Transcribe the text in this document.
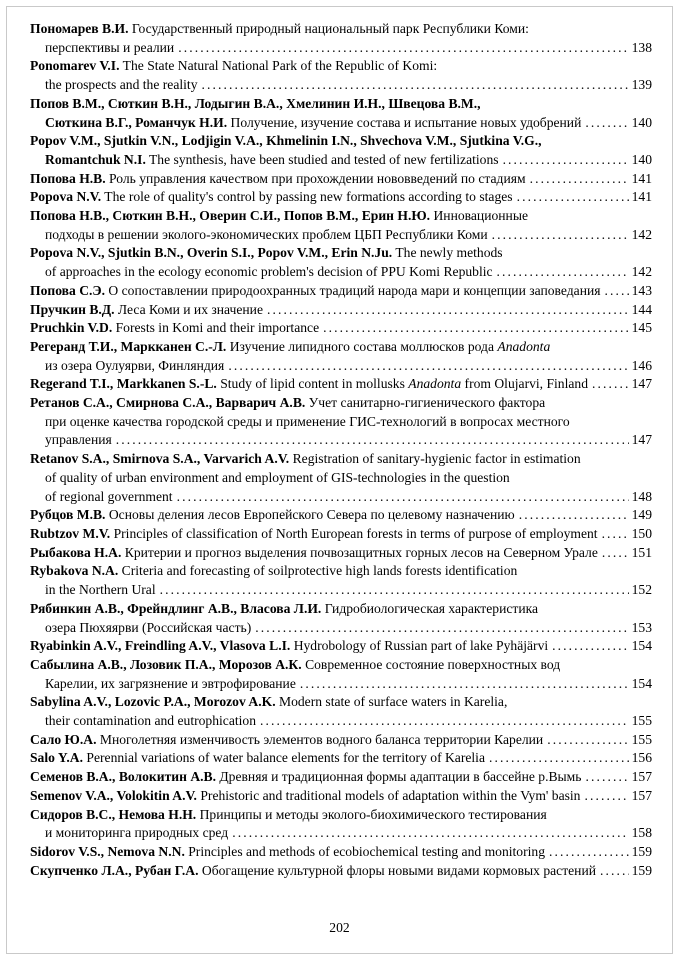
Пономарев В.И. Государственный природный национальный парк Республики Коми:
перспективы и реалии .....	138
Ponomarev V.I. The State Natural National Park of the Republic of Komi:
the prospects and the reality .....	139
Попов В.М., Сюткин В.Н., Лодыгин В.А., Хмелинин И.Н., Швецова В.М.,
Сюткина В.Г., Романчук Н.И. Получение, изучение состава и испытание новых удобрений .....	140
Popov V.M., Sjutkin V.N., Lodjigin V.A., Khmelinin I.N., Shvechova V.M., Sjutkina V.G.,
Romantchuk N.I. The synthesis, have been studied and tested of new fertilizations .....	140
Попова Н.В. Роль управления качеством при прохождении нововведений по стадиям .....	141
Popova N.V. The role of quality's control by passing new formations according to stages .....	141
Попова Н.В., Сюткин В.Н., Оверин С.И., Попов В.М., Ерин Н.Ю. Инновационные
подходы в решении эколого-экономических проблем ЦБП Республики Коми .....	142
Popova N.V., Sjutkin B.N., Overin S.I., Popov V.M., Erin N.Ju. The newly methods
of approaches in the ecology economic problem's decision of PPU Komi Republic .....	142
Попова С.Э. О сопоставлении природоохранных традиций народа мари и концепции заповедания ..... 143
Пручкин В.Д. Леса Коми и их значение .....	144
Pruchkin V.D. Forests in Komi and their importance .....	145
Регеранд Т.И., Маркканен С.-Л. Изучение липидного состава моллюсков рода Anadonta
из озера Оулуярви, Финляндия .....	146
Regerand T.I., Markkanen S.-L. Study of lipid content in mollusks Anadonta from Olujarvi, Finland .....	147
Ретанов С.А., Смирнова С.А., Варварич А.В. Учет санитарно-гигиенического фактора
при оценке качества городской среды и применение ГИС-технологий в вопросах местного
управления .....	147
Retanov S.A., Smirnova S.A., Varvarich A.V. Registration of sanitary-hygienic factor in estimation
of quality of urban environment and employment of GIS-technologies in the question
of regional government .....	148
Рубцов М.В. Основы деления лесов Европейского Севера по целевому назначению .....	149
Rubtzov M.V. Principles of classification of North European forests in terms of purpose of employment .....	150
Рыбакова Н.А. Критерии и прогноз выделения почвозащитных горных лесов на Северном Урале ..... 151
Rybakova N.A. Criteria and forecasting of soilprotective high lands forests identification
in the Northern Ural .....	152
Рябинкин А.В., Фрейндлинг А.В., Власова Л.И. Гидробиологическая характеристика
озера Пюхяярви (Российская часть) .....	153
Ryabinkin A.V., Freindling A.V., Vlasova L.I. Hydrobology of Russian part of lake Pyhäjärvi .....	154
Сабылина А.В., Лозовик П.А., Морозов А.К. Современное состояние поверхностных вод
Карелии, их загрязнение и эвтрофирование .....	154
Sabylina A.V., Lozovic P.A., Morozov A.K. Modern state of surface waters in Karelia,
their contamination and eutrophication .....	155
Сало Ю.А. Многолетняя изменчивость элементов водного баланса территории Карелии .....	155
Salo Y.A. Perennial variations of water balance elements for the territory of Karelia .....	156
Семенов В.А., Волокитин А.В. Древняя и традиционная формы адаптации в бассейне р.Вымь .....	157
Semenov V.A., Volokitin A.V. Prehistoric and traditional models of adaptation within the Vym' basin .....	157
Сидоров В.С., Немова Н.Н. Принципы и методы эколого-биохимического тестирования
и мониторинга природных сред .....	158
Sidorov V.S., Nemova N.N. Principles and methods of ecobiochemical testing and monitoring .....	159
Скупченко Л.А., Рубан Г.А. Обогащение культурной флоры новыми видами кормовых растений .....	159
202
